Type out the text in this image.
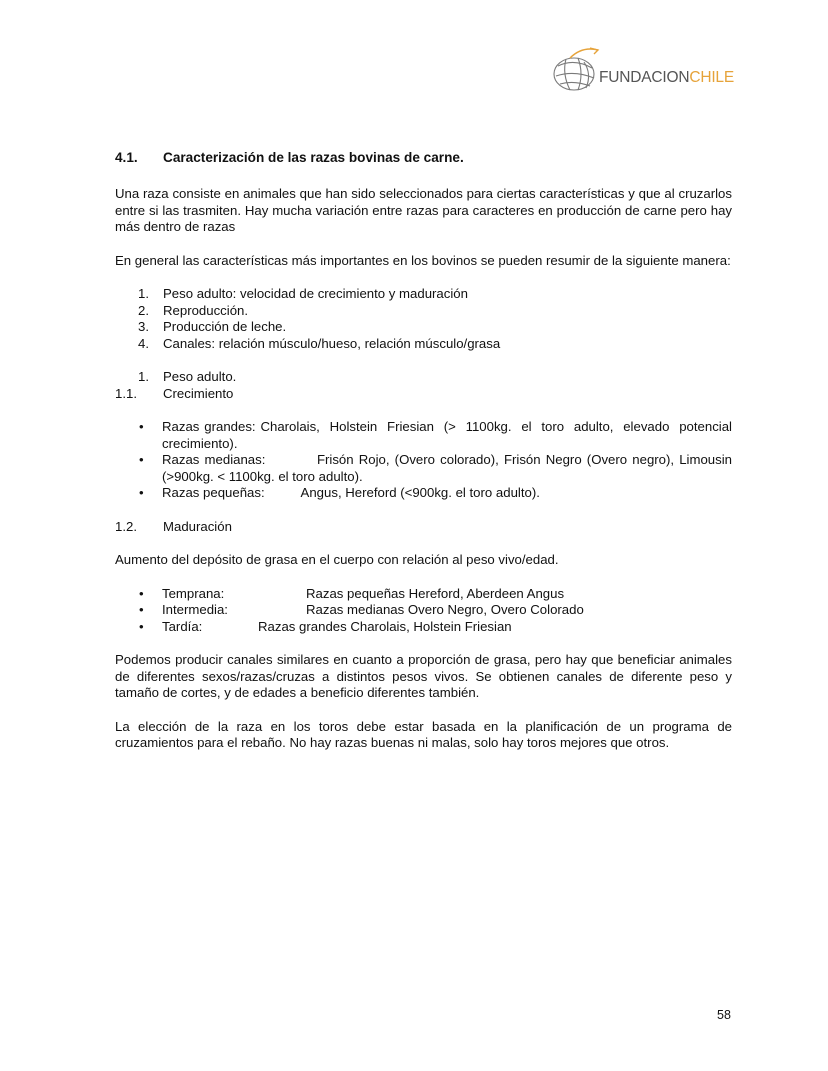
FUNDACIONCHILE
4.1.	Caracterización de las razas bovinas de carne.

Una raza consiste en animales que han sido seleccionados para ciertas características y que al cruzarlos entre si las trasmiten. Hay mucha variación entre razas para caracteres en producción de carne pero hay más dentro de razas

En general las características más importantes en los bovinos se pueden resumir de la siguiente manera:

1.	Peso adulto: velocidad de crecimiento y maduración
2.	Reproducción.
3.	Producción de leche.
4.	Canales: relación músculo/hueso, relación músculo/grasa
1.	Peso adulto.
1.1.	Crecimiento
•	Razas grandes: Charolais,  Holstein  Friesian  (>  1100kg.  el  toro  adulto,  elevado  potencial crecimiento).
•	Razas medianas:          Frisón Rojo, (Overo colorado), Frisón Negro (Overo negro), Limousin (>900kg. < 1100kg. el toro adulto).
•	Razas pequeñas:          Angus, Hereford (<900kg. el toro adulto).
1.2.	Maduración

Aumento del depósito de grasa en el cuerpo con relación al peso vivo/edad.

•	Temprana:	Razas pequeñas Hereford, Aberdeen Angus
•	Intermedia:	Razas medianas Overo Negro, Overo Colorado
•	Tardía:	Razas grandes Charolais, Holstein Friesian

Podemos producir canales similares en cuanto a proporción de grasa, pero hay que beneficiar animales de diferentes sexos/razas/cruzas a distintos pesos vivos. Se obtienen canales de diferente peso y tamaño de cortes, y de edades a beneficio diferentes también.

La elección de la raza en los toros debe estar basada en la planificación de un programa de cruzamientos para el rebaño. No hay razas buenas ni malas, solo hay toros mejores que otros.

58
